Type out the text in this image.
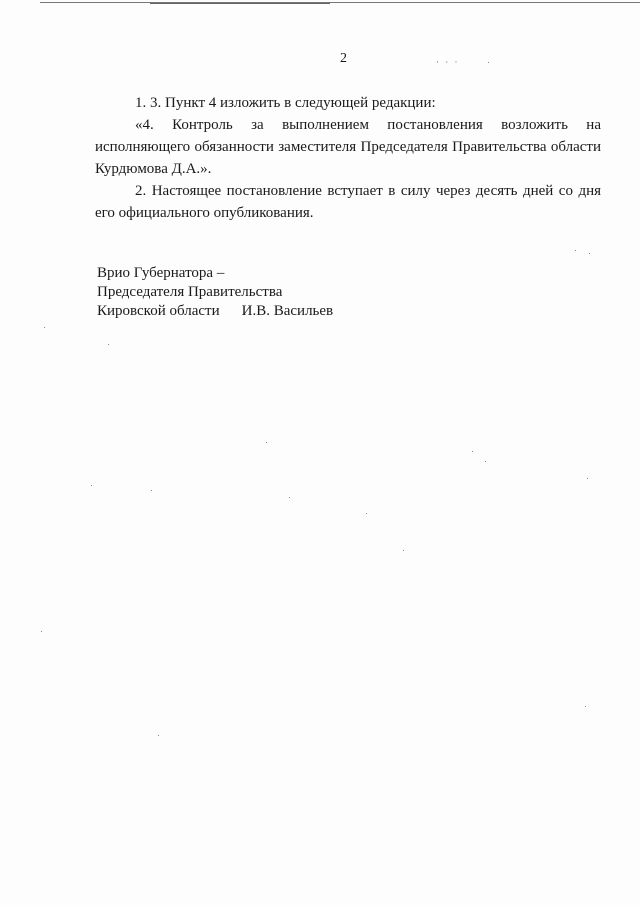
2	· · ·
1. 3. Пункт 4 изложить в следующей редакции:
«4. Контроль за выполнением постановления возложить на исполняющего обязанности заместителя Председателя Правительства области Курдюмова Д.А.».
2. Настоящее постановление вступает в силу через десять дней со дня его официального опубликования.
Врио Губернатора –
Председателя Правительства
Кировской области И.В. Васильев
